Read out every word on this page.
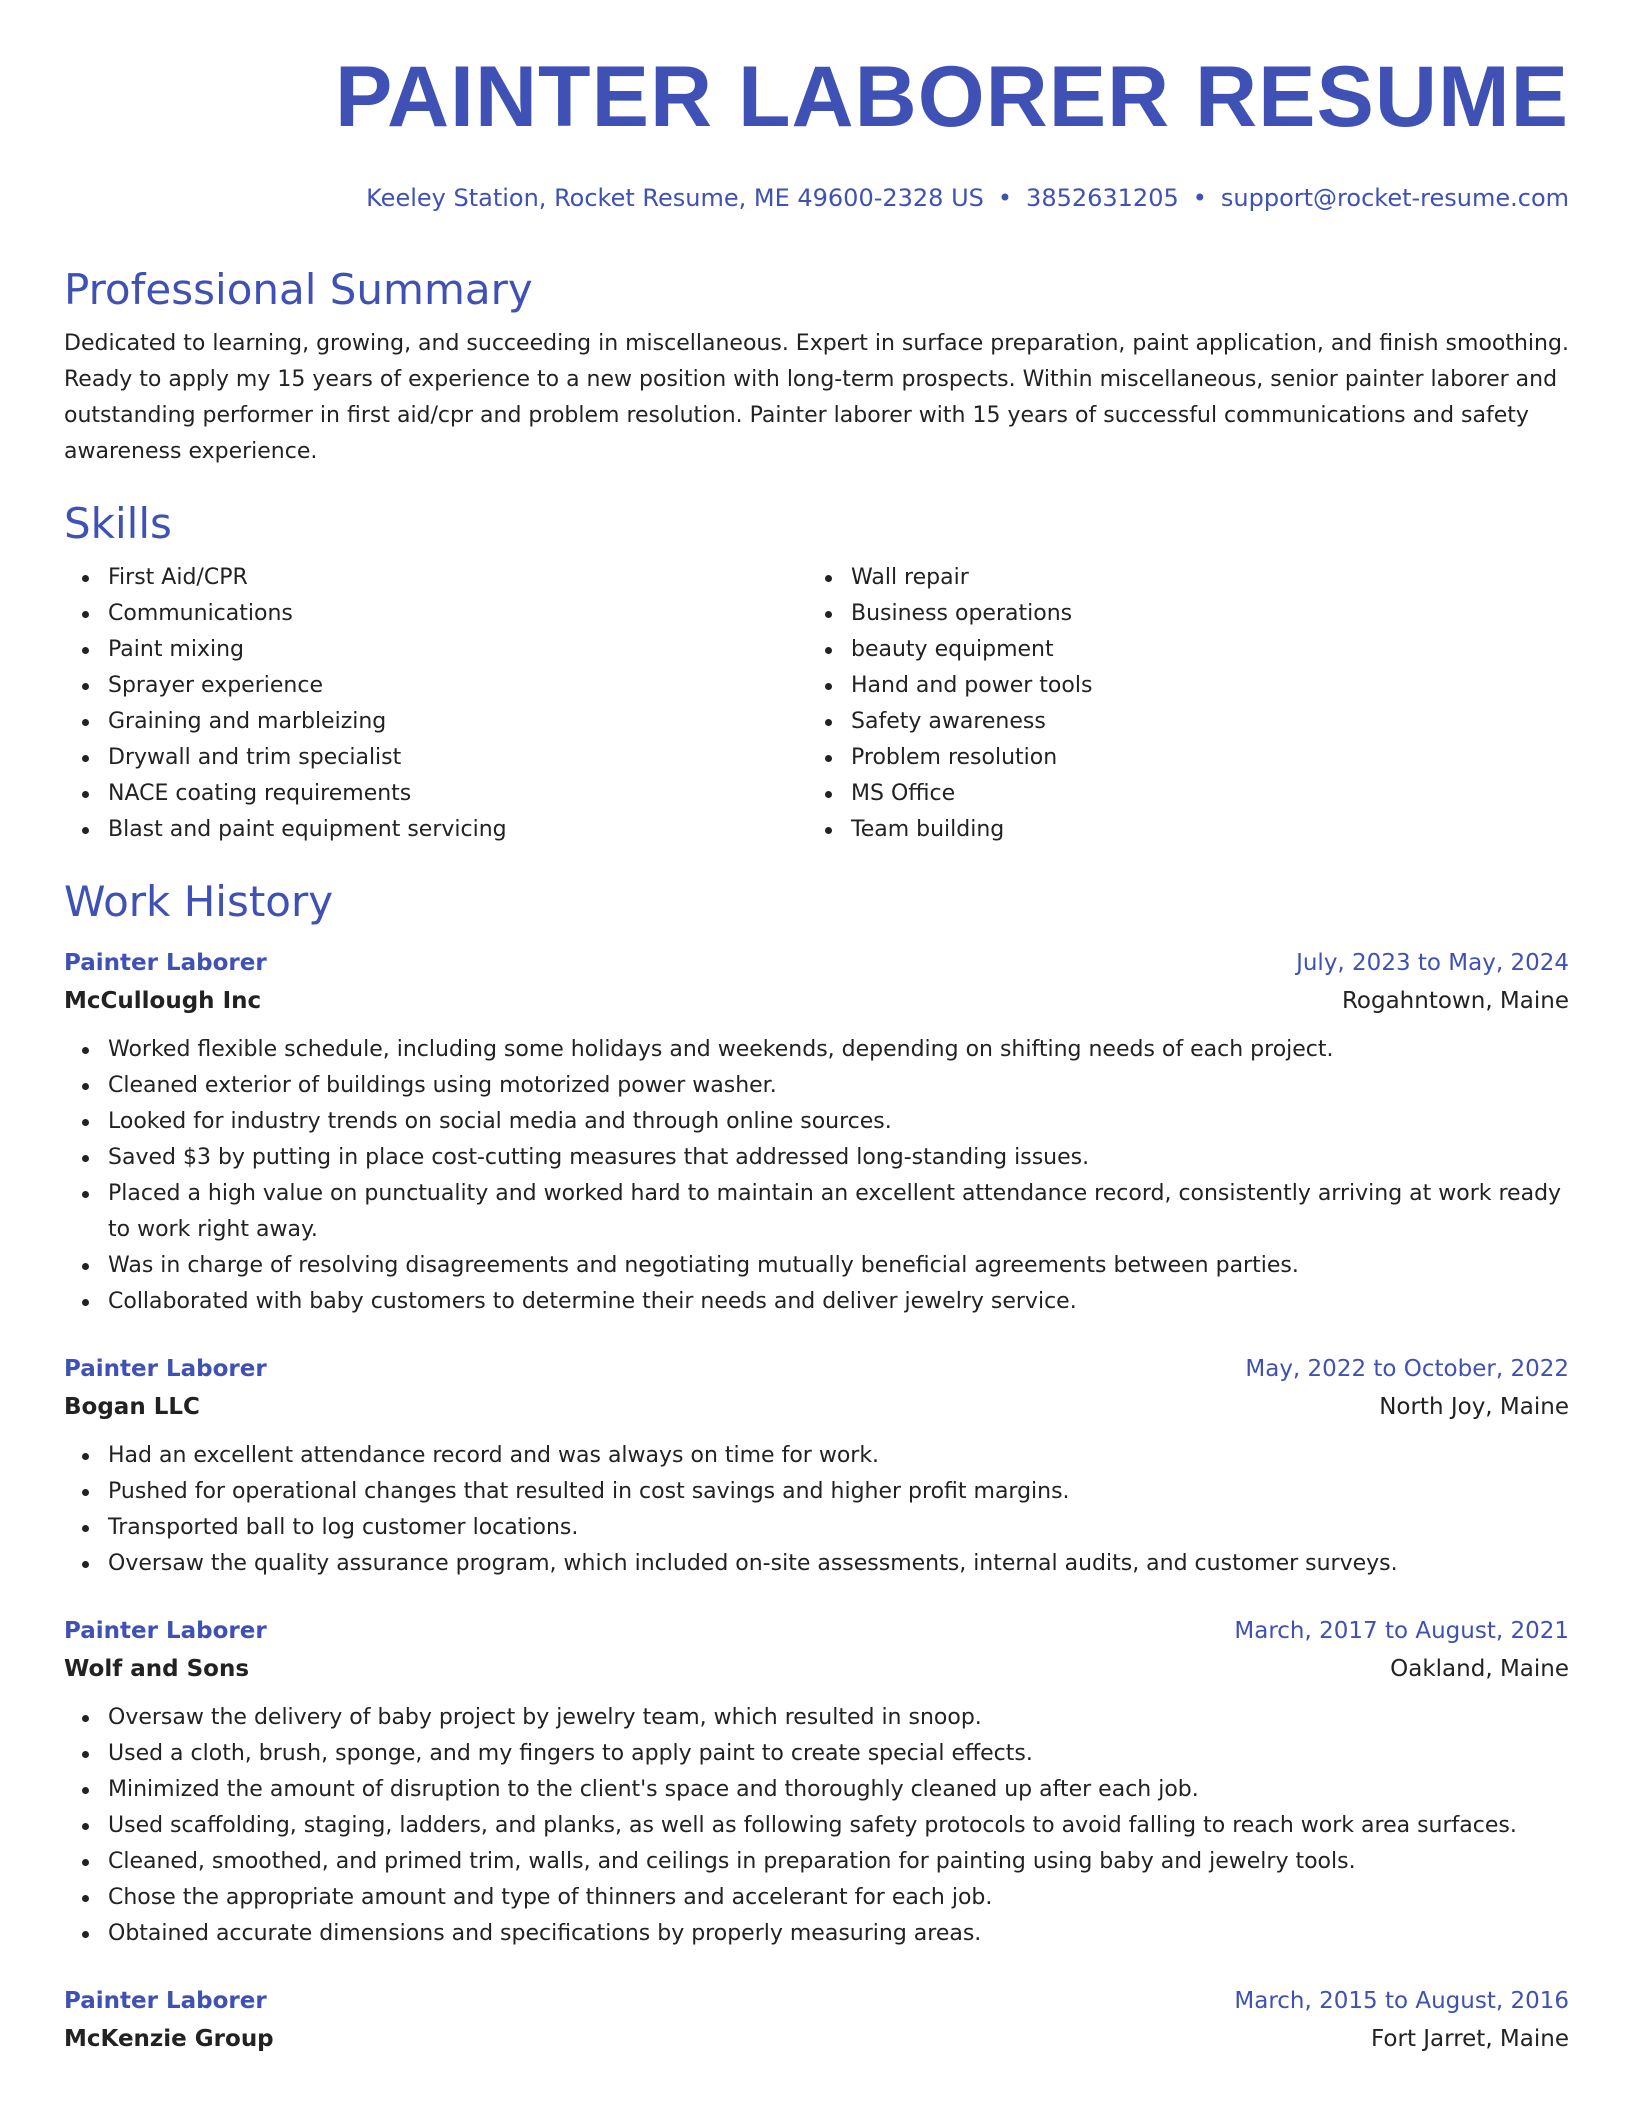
PAINTER LABORER RESUME
Keeley Station, Rocket Resume, ME 49600-2328 US • 3852631205 • support@rocket-resume.com
Professional Summary

Dedicated to learning, growing, and succeeding in miscellaneous. Expert in surface preparation, paint application, and finish smoothing. Ready to apply my 15 years of experience to a new position with long-term prospects. Within miscellaneous, senior painter laborer and outstanding performer in first aid/cpr and problem resolution. Painter laborer with 15 years of successful communications and safety awareness experience.

Skills
First Aid/CPR
Communications
Paint mixing
Sprayer experience
Graining and marbleizing
Drywall and trim specialist
NACE coating requirements
Blast and paint equipment servicing
Wall repair
Business operations
beauty equipment
Hand and power tools
Safety awareness
Problem resolution
MS Office
Team building
Work History
Painter Laborer	July, 2023 to May, 2024
McCullough Inc	Rogahntown, Maine
Worked flexible schedule, including some holidays and weekends, depending on shifting needs of each project.
Cleaned exterior of buildings using motorized power washer.
Looked for industry trends on social media and through online sources.
Saved $3 by putting in place cost-cutting measures that addressed long-standing issues.
Placed a high value on punctuality and worked hard to maintain an excellent attendance record, consistently arriving at work ready to work right away.
Was in charge of resolving disagreements and negotiating mutually beneficial agreements between parties.
Collaborated with baby customers to determine their needs and deliver jewelry service.
Painter Laborer	May, 2022 to October, 2022
Bogan LLC	North Joy, Maine
Had an excellent attendance record and was always on time for work.
Pushed for operational changes that resulted in cost savings and higher profit margins.
Transported ball to log customer locations.
Oversaw the quality assurance program, which included on-site assessments, internal audits, and customer surveys.
Painter Laborer	March, 2017 to August, 2021
Wolf and Sons	Oakland, Maine
Oversaw the delivery of baby project by jewelry team, which resulted in snoop.
Used a cloth, brush, sponge, and my fingers to apply paint to create special effects.
Minimized the amount of disruption to the client's space and thoroughly cleaned up after each job.
Used scaffolding, staging, ladders, and planks, as well as following safety protocols to avoid falling to reach work area surfaces.
Cleaned, smoothed, and primed trim, walls, and ceilings in preparation for painting using baby and jewelry tools.
Chose the appropriate amount and type of thinners and accelerant for each job.
Obtained accurate dimensions and specifications by properly measuring areas.
Painter Laborer	March, 2015 to August, 2016
McKenzie Group	Fort Jarret, Maine
